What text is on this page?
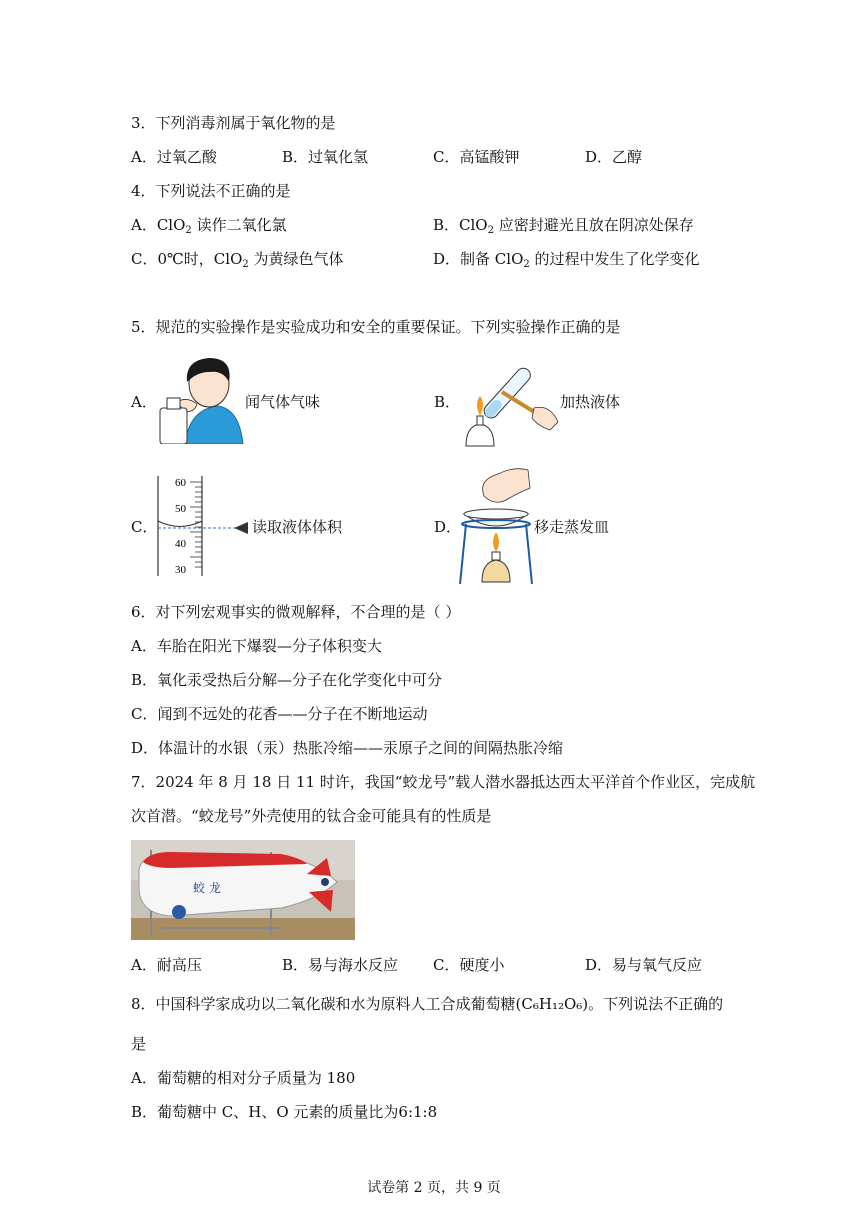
3．下列消毒剂属于氧化物的是
A．过氧乙酸	B．过氧化氢	C．高锰酸钾	D．乙醇
4．下列说法不正确的是
A．ClO$_2$ 读作二氧化氯	B．ClO$_2$ 应密封避光且放在阴凉处保存
C．0℃时，ClO$_2$ 为黄绿色气体	D．制备 ClO$_2$ 的过程中发生了化学变化
5．规范的实验操作是实验成功和安全的重要保证。下列实验操作正确的是
A．	闻气体气味	B．	加热液体
C．
60
50
40
30
读取液体体积	D．	移走蒸发皿
6．对下列宏观事实的微观解释，不合理的是（ ）
A．车胎在阳光下爆裂—分子体积变大
B．氧化汞受热后分解—分子在化学变化中可分
C．闻到不远处的花香——分子在不断地运动
D．体温计的水银（汞）热胀冷缩——汞原子之间的间隔热胀冷缩
7．2024 年 8 月 18 日 11 时许，我国“蛟龙号”载人潜水器抵达西太平洋首个作业区，完成航
次首潜。“蛟龙号”外壳使用的钛合金可能具有的性质是
蛟 龙
A．耐高压	B．易与海水反应 C．硬度小	D．易与氧气反应
8．中国科学家成功以二氧化碳和水为原料人工合成葡萄糖(C₆H₁₂O₆)。下列说法不正确的
是
A．葡萄糖的相对分子质量为 180
B．葡萄糖中 C、H、O 元素的质量比为6:1:8
试卷第 2 页，共 9 页
